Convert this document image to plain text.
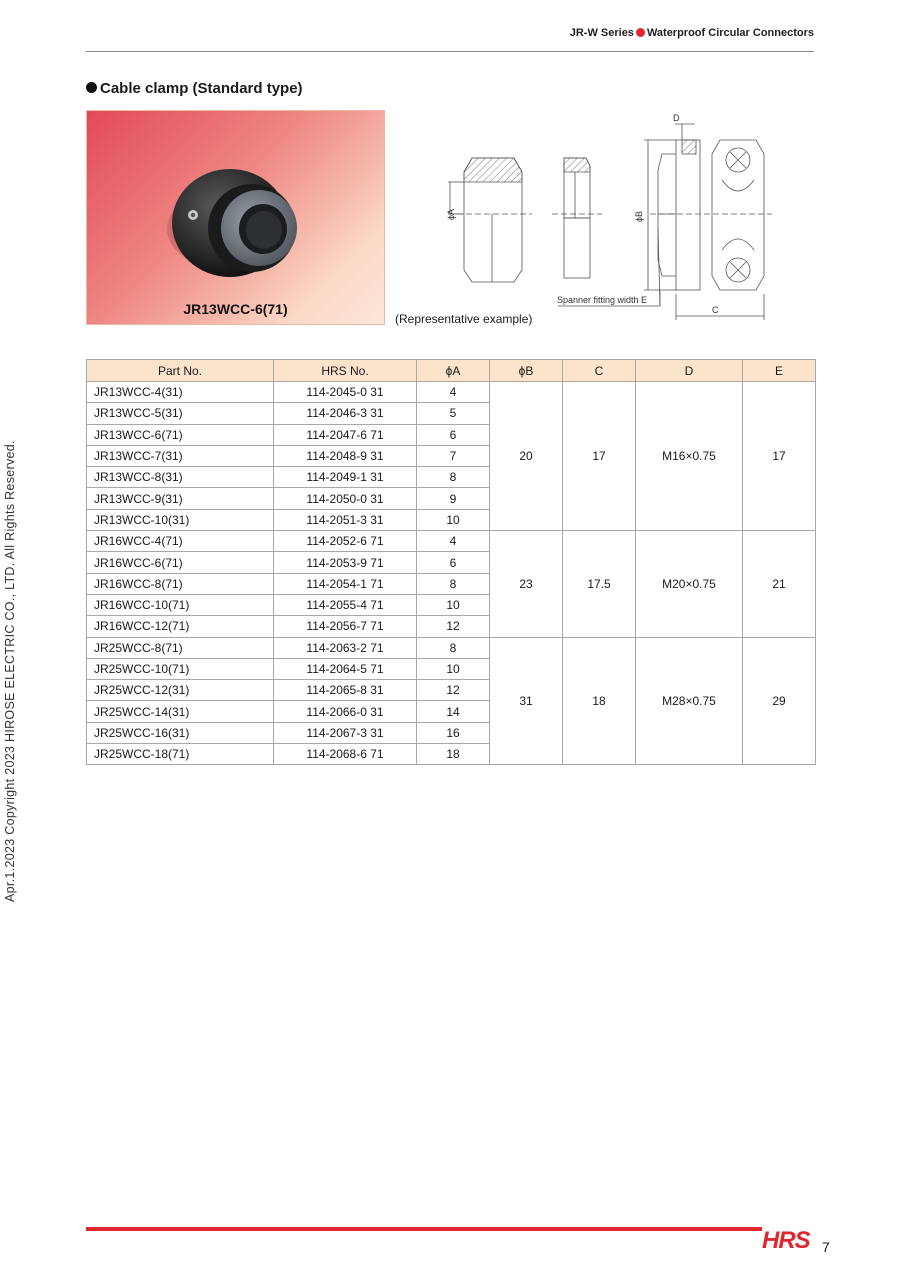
JR-W Series Waterproof Circular Connectors
Cable clamp (Standard type)
JR13WCC-6(71)
ϕA	ϕB
C
D
Spanner fitting width E
(Representative example)
Apr.1.2023 Copyright 2023 HIROSE ELECTRIC CO., LTD. All Rights Reserved.
Part No.	HRS No.	ϕA	ϕB	C	D	E
JR13WCC-4(31)	114-2045-0 31	4	20	17	M16×0.75	17
JR13WCC-5(31)	114-2046-3 31	5				
JR13WCC-6(71)	114-2047-6 71	6				
JR13WCC-7(31)	114-2048-9 31	7				
JR13WCC-8(31)	114-2049-1 31	8				
JR13WCC-9(31)	114-2050-0 31	9				
JR13WCC-10(31)	114-2051-3 31	10				
JR16WCC-4(71)	114-2052-6 71	4	23	17.5	M20×0.75	21
JR16WCC-6(71)	114-2053-9 71	6				
JR16WCC-8(71)	114-2054-1 71	8				
JR16WCC-10(71)	114-2055-4 71	10				
JR16WCC-12(71)	114-2056-7 71	12				
JR25WCC-8(71)	114-2063-2 71	8	31	18	M28×0.75	29
JR25WCC-10(71)	114-2064-5 71	10				
JR25WCC-12(31)	114-2065-8 31	12				
JR25WCC-14(31)	114-2066-0 31	14				
JR25WCC-16(31)	114-2067-3 31	16				
JR25WCC-18(71)	114-2068-6 71	18				
HRS 7
